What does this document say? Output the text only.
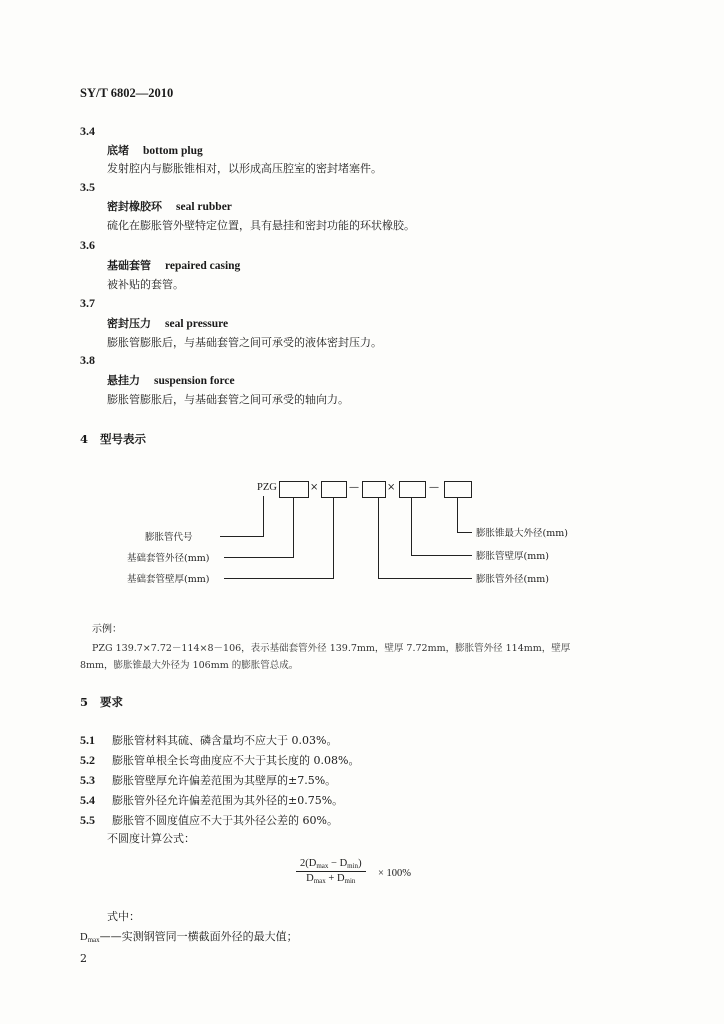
SY/T 6802—2010
3.4
底堵 bottom plug
发射腔内与膨胀锥相对，以形成高压腔室的密封堵塞件。
3.5
密封橡胶环 seal rubber
硫化在膨胀管外壁特定位置，具有悬挂和密封功能的环状橡胶。
3.6
基础套管 repaired casing
被补贴的套管。
3.7
密封压力 seal pressure
膨胀管膨胀后，与基础套管之间可承受的液体密封压力。
3.8
悬挂力 suspension force
膨胀管膨胀后，与基础套管之间可承受的轴向力。
4 型号表示
PZG	×	—	×	—
膨胀管代号
基础套管外径(mm)
基础套管壁厚(mm)
膨胀锥最大外径(mm)
膨胀管壁厚(mm)
膨胀管外径(mm)
示例：
PZG 139.7×7.72－114×8－106，表示基础套管外径 139.7mm，壁厚 7.72mm，膨胀管外径 114mm，壁厚
8mm，膨胀锥最大外径为 106mm 的膨胀管总成。
5 要求
5.1 膨胀管材料其硫、磷含量均不应大于 0.03%。
5.2 膨胀管单根全长弯曲度应不大于其长度的 0.08%。
5.3 膨胀管壁厚允许偏差范围为其壁厚的±7.5%。
5.4 膨胀管外径允许偏差范围为其外径的±0.75%。
5.5 膨胀管不圆度值应不大于其外径公差的 60%。
不圆度计算公式：
$2(D_{max} - D_{min})$
$D_{max} + D_{min}$
× 100%
式中：
$D_{max}——$实测钢管同一横截面外径的最大值；
2
